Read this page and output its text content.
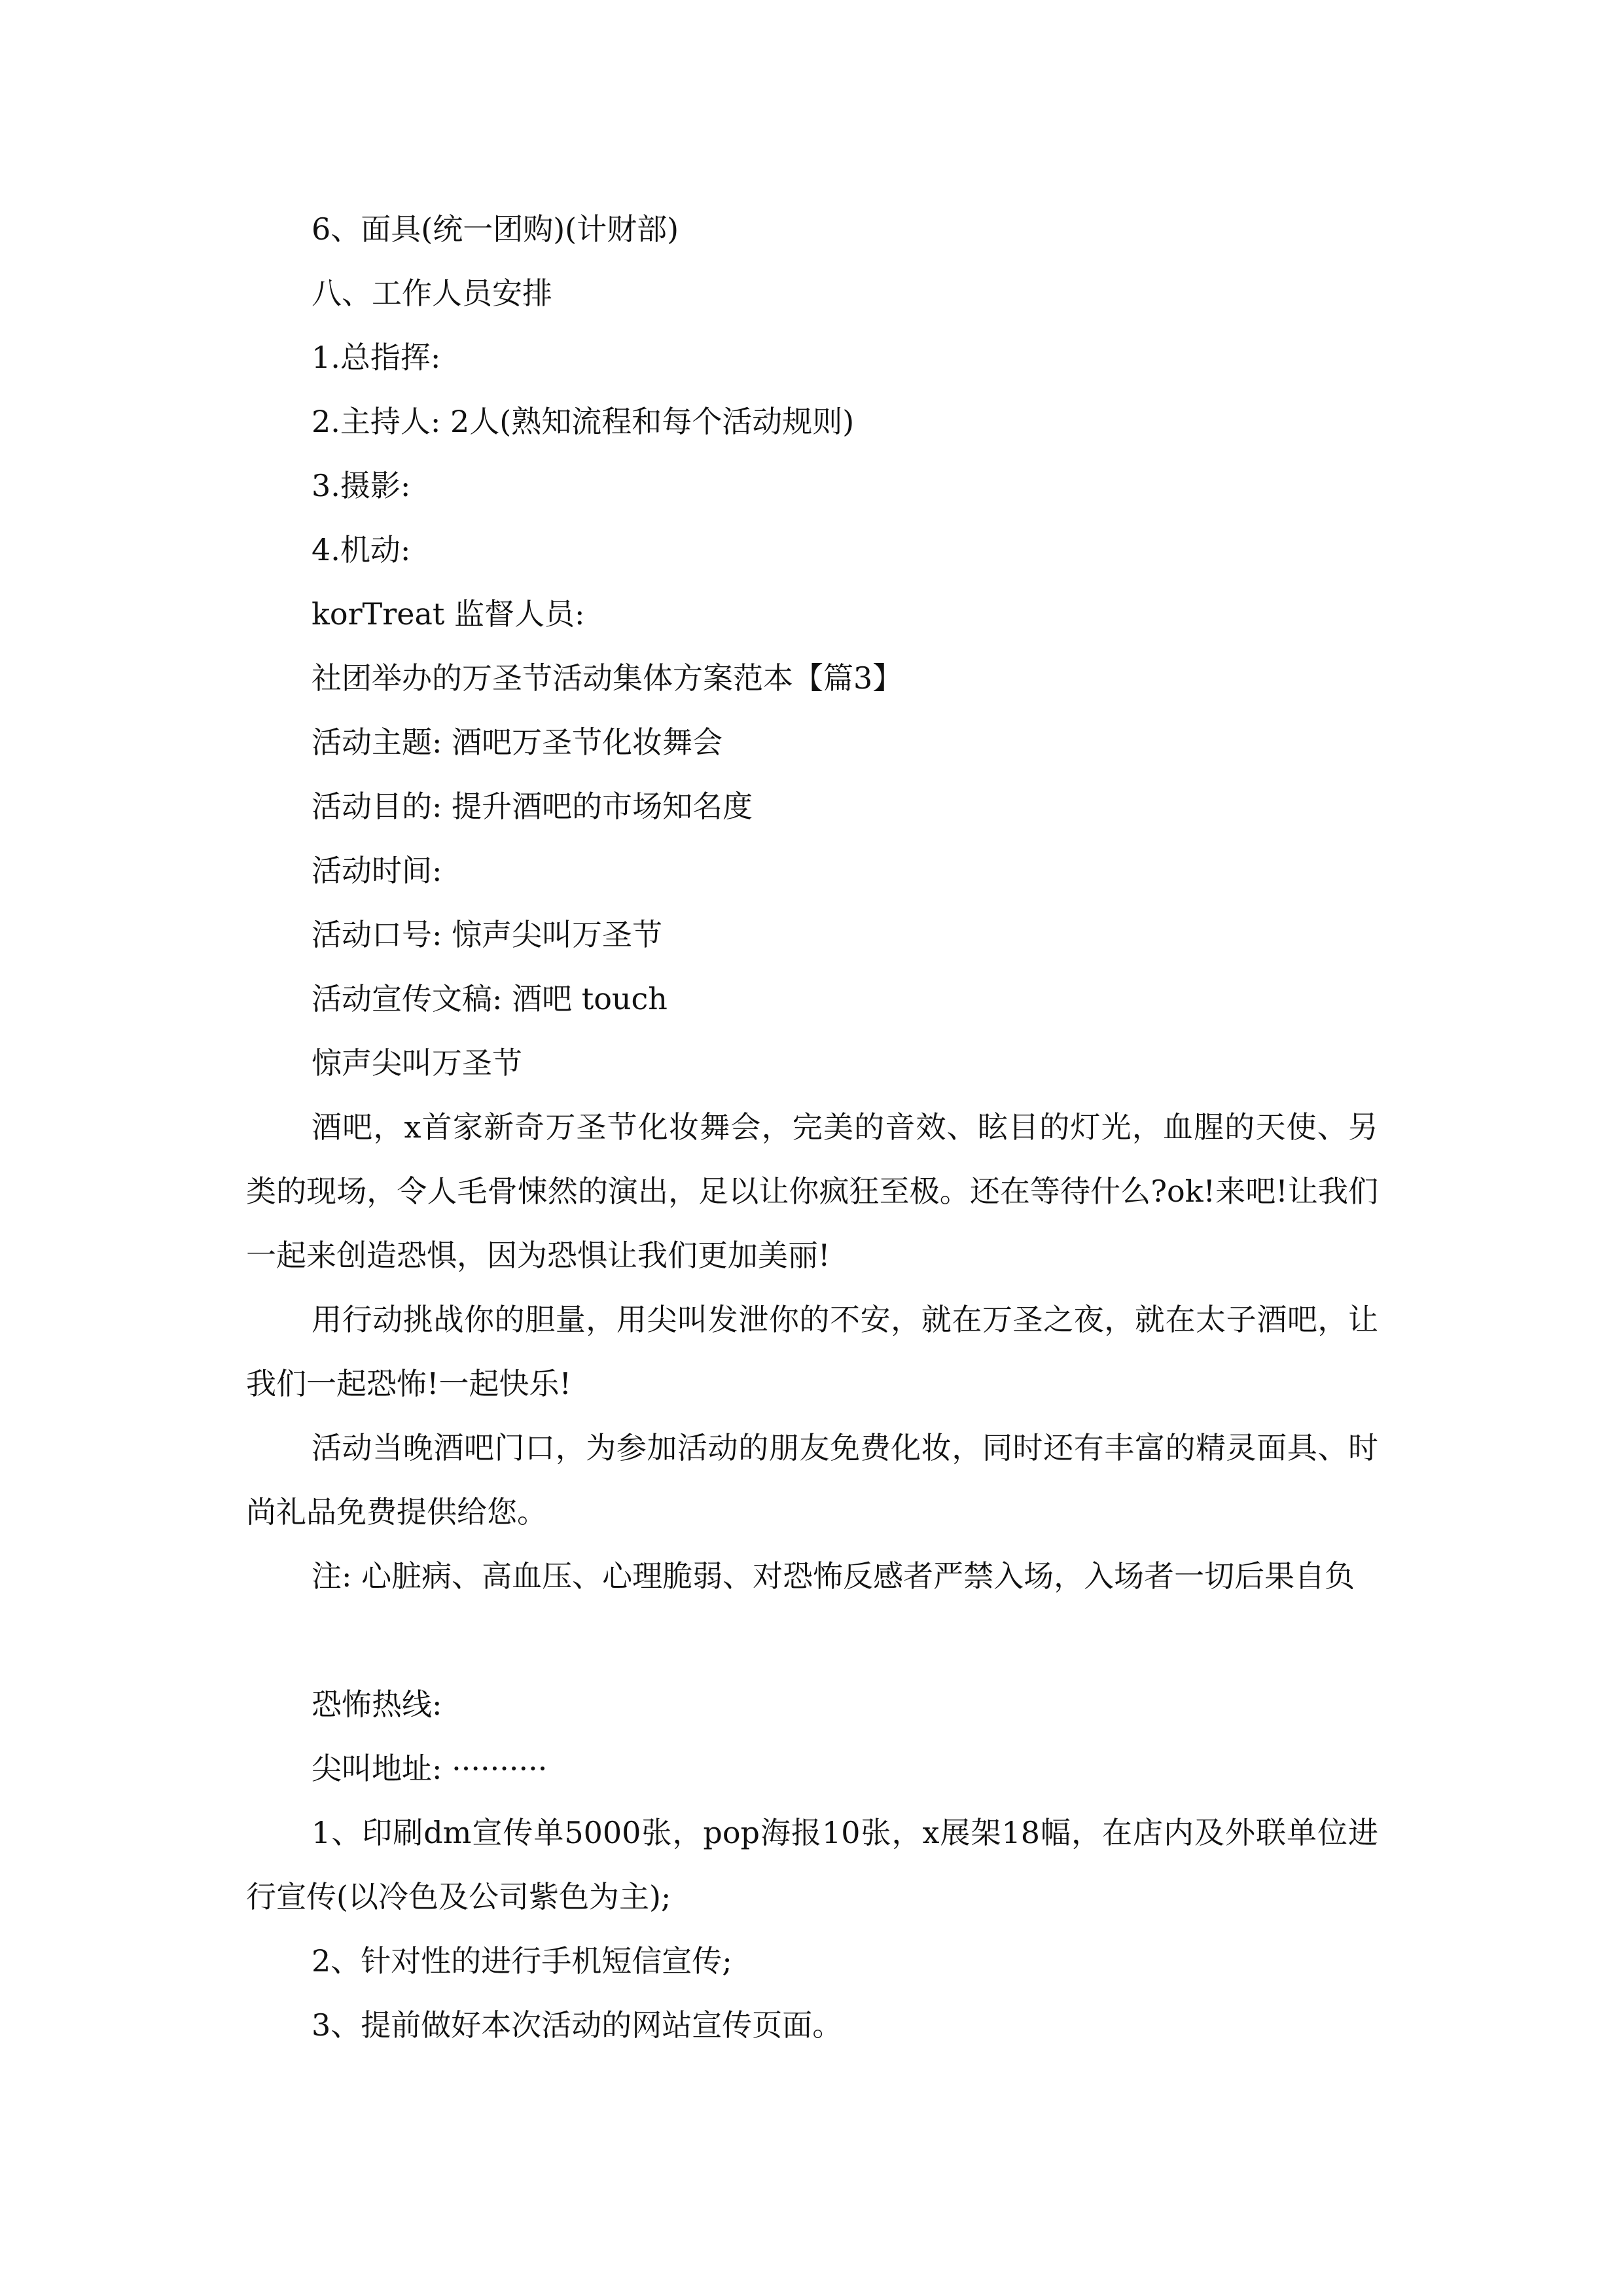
6、面具(统一团购)(计财部)
八、工作人员安排
1.总指挥:
2.主持人: 2人(熟知流程和每个活动规则)
3.摄影:
4.机动:
korTreat 监督人员:
社团举办的万圣节活动集体方案范本【篇3】
活动主题: 酒吧万圣节化妆舞会
活动目的: 提升酒吧的市场知名度
活动时间:
活动口号: 惊声尖叫万圣节
活动宣传文稿: 酒吧 touch
惊声尖叫万圣节
酒吧，x首家新奇万圣节化妆舞会，完美的音效、眩目的灯光，血腥的天使、另 类的现场，令人毛骨悚然的演出，足以让你疯狂至极。还在等待什么?ok!来吧!让我们一起来创造恐惧，因为恐惧让我们更加美丽!
用行动挑战你的胆量，用尖叫发泄你的不安，就在万圣之夜，就在太子酒吧，让我们一起恐怖!一起快乐!
活动当晚酒吧门口，为参加活动的朋友免费化妆，同时还有丰富的精灵面具、时尚礼品免费提供给您。
注: 心脏病、高血压、心理脆弱、对恐怖反感者严禁入场，入场者一切后果自负
恐怖热线:
尖叫地址: ··········
1、印刷dm宣传单5000张，pop海报10张，x展架18幅，在店内及外联单位进行宣传(以冷色及公司紫色为主);
2、针对性的进行手机短信宣传;
3、提前做好本次活动的网站宣传页面。
